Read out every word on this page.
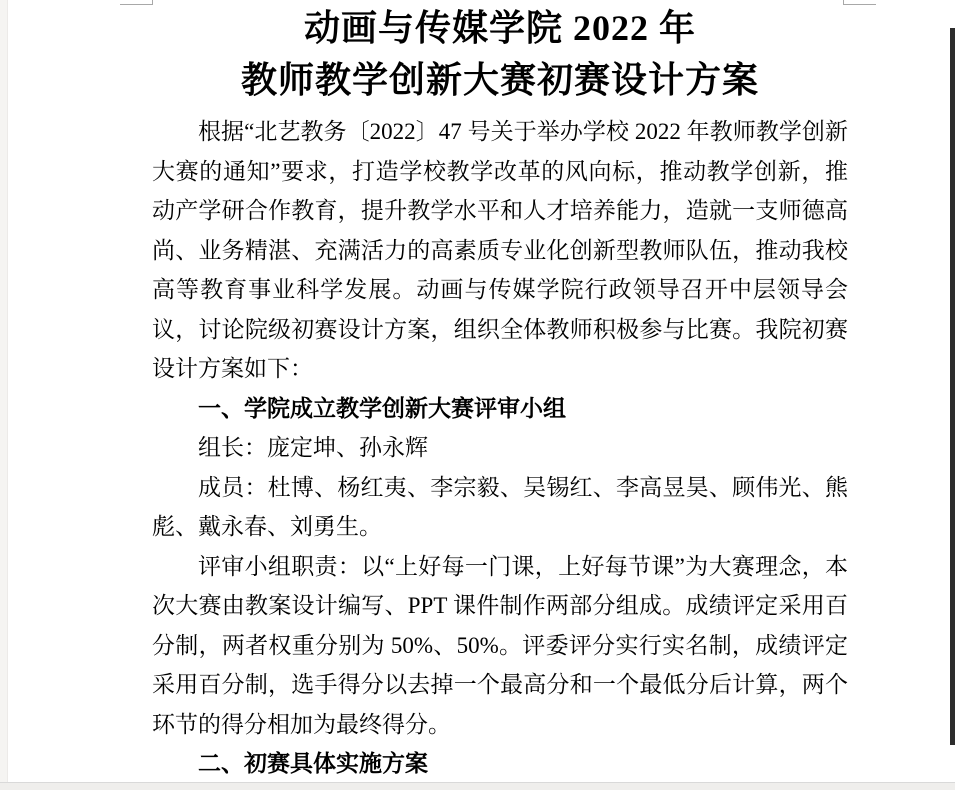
动画与传媒学院 2022 年
教师教学创新大赛初赛设计方案

根据“北艺教务〔2022〕47 号关于举办学校 2022 年教师教学创新大赛的通知”要求，打造学校教学改革的风向标，推动教学创新，推动产学研合作教育，提升教学水平和人才培养能力，造就一支师德高尚、业务精湛、充满活力的高素质专业化创新型教师队伍，推动我校高等教育事业科学发展。动画与传媒学院行政领导召开中层领导会议，讨论院级初赛设计方案，组织全体教师积极参与比赛。我院初赛设计方案如下：

一、学院成立教学创新大赛评审小组

组长：庞定坤、孙永辉

成员：杜博、杨红夷、李宗毅、吴锡红、李高昱昊、顾伟光、熊彪、戴永春、刘勇生。

评审小组职责：以“上好每一门课，上好每节课”为大赛理念，本次大赛由教案设计编写、PPT 课件制作两部分组成。成绩评定采用百分制，两者权重分别为 50%、50%。评委评分实行实名制，成绩评定采用百分制，选手得分以去掉一个最高分和一个最低分后计算，两个环节的得分相加为最终得分。

二、初赛具体实施方案
